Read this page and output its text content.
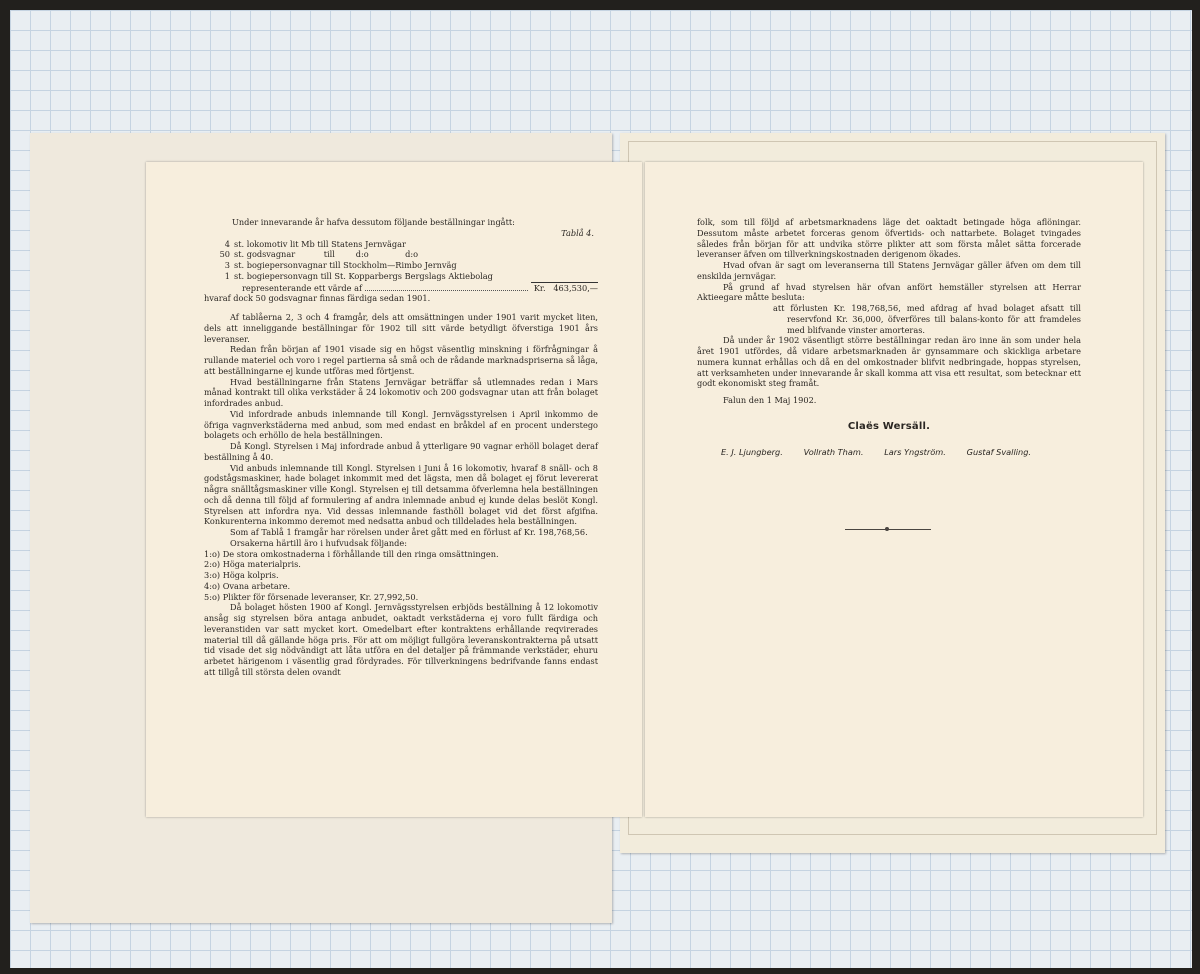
Under innevarande år hafva dessutom följande beställningar ingått:
Tablå 4.
4 st. lokomotiv lit Mb till Statens Jernvägar
50 st. godsvagnar           till        d:o              d:o
3 st. bogiepersonvagnar till Stockholm—Rimbo Jernväg
1 st. bogiepersonvagn till St. Kopparbergs Bergslags Aktiebolag
representerande ett värde af	Kr.   463,530,—
hvaraf dock 50 godsvagnar finnas färdiga sedan 1901.
Af tablåerna 2, 3 och 4 framgår, dels att omsättningen under 1901 varit mycket liten, dels att inneliggande beställningar för 1902 till sitt värde betydligt öfverstiga 1901 års leveranser.
Redan från början af 1901 visade sig en högst väsentlig minskning i förfrågningar å rullande materiel och voro i regel partierna så små och de rådande marknadspriserna så låga, att beställningarne ej kunde utföras med förtjenst.
Hvad beställningarne från Statens Jernvägar beträffar så utlemnades redan i Mars månad kontrakt till olika verkstäder å 24 lokomotiv och 200 godsvagnar utan att från bolaget infordrades anbud.
Vid infordrade anbuds inlemnande till Kongl. Jernvägsstyrelsen i April inkommo de öfriga vagnverkstäderna med anbud, som med endast en bråkdel af en procent understego bolagets och erhöllo de hela beställningen.
Då Kongl. Styrelsen i Maj infordrade anbud å ytterligare 90 vagnar erhöll bolaget deraf beställning å 40.
Vid anbuds inlemnande till Kongl. Styrelsen i Juni å 16 lokomotiv, hvaraf 8 snäll- och 8 godstågsmaskiner, hade bolaget inkommit med det lägsta, men då bolaget ej förut levererat några snälltågsmaskiner ville Kongl. Styrelsen ej till detsamma öfverlemna hela beställningen och då denna till följd af formulering af andra inlemnade anbud ej kunde delas beslöt Kongl. Styrelsen att infordra nya. Vid dessas inlemnande fasthöll bolaget vid det först afgifna. Konkurenterna inkommo deremot med nedsatta anbud och tilldelades hela beställningen.
Som af Tablå 1 framgår har rörelsen under året gått med en förlust af Kr. 198,768,56.
Orsakerna härtill äro i hufvudsak följande:
1:o) De stora omkostnaderna i förhållande till den ringa omsättningen.
2:o) Höga materialpris.
3:o) Höga kolpris.
4:o) Ovana arbetare.
5:o) Plikter för försenade leveranser, Kr. 27,992,50.
Då bolaget hösten 1900 af Kongl. Jernvägsstyrelsen erbjöds beställning å 12 lokomotiv ansåg sig styrelsen böra antaga anbudet, oaktadt verkstäderna ej voro fullt färdiga och leveranstiden var satt mycket kort. Omedelbart efter kontraktens erhållande reqvirerades material till då gällande höga pris. För att om möjligt fullgöra leveranskontrakterna på utsatt tid visade det sig nödvändigt att låta utföra en del detaljer på främmande verkstäder, ehuru arbetet härigenom i väsentlig grad fördyrades. För tillverkningens bedrifvande fanns endast att tillgå till största delen ovandt
folk, som till följd af arbetsmarknadens läge det oaktadt betingade höga aflöningar. Dessutom måste arbetet forceras genom öfvertids- och nattarbete. Bolaget tvingades således från början för att undvika större plikter att som första målet sätta forcerade leveranser äfven om tillverkningskostnaden derigenom ökades.
Hvad ofvan är sagt om leveranserna till Statens Jernvägar gäller äfven om dem till enskilda jernvägar.
På grund af hvad styrelsen här ofvan anfört hemställer styrelsen att Herrar Aktieegare måtte besluta:
att förlusten Kr. 198,768,56, med afdrag af hvad bolaget afsatt till reservfond Kr. 36,000, öfverföres till balans-konto för att framdeles med blifvande vinster amorteras.
Då under år 1902 väsentligt större beställningar redan äro inne än som under hela året 1901 utfördes, då vidare arbetsmarknaden är gynsammare och skickliga arbetare numera kunnat erhållas och då en del omkostnader blifvit nedbringade, hoppas styrelsen, att verksamheten under innevarande år skall komma att visa ett resultat, som betecknar ett godt ekonomiskt steg framåt.
Falun den 1 Maj 1902.
Claës Wersäll.
E. J. Ljungberg.	Vollrath Tham.	Lars Yngström.	Gustaf Svalling.
